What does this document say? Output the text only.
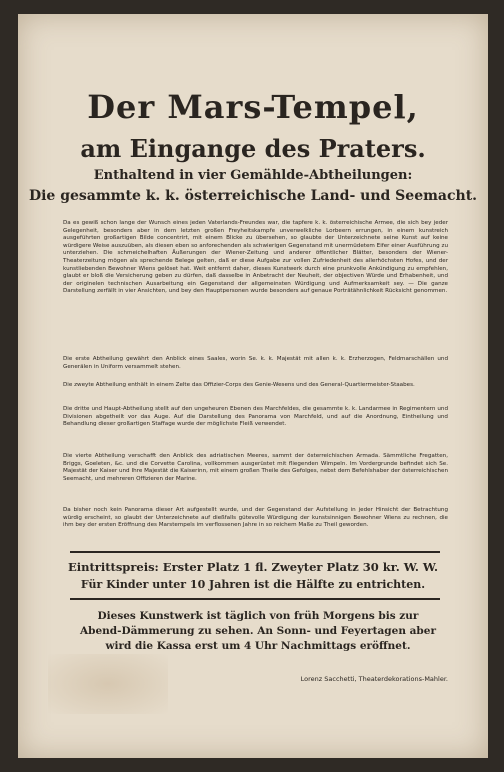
Der Mars-Tempel,
am Eingange des Praters.
Enthaltend in vier Gemählde-Abtheilungen:
Die gesammte k. k. österreichische Land- und Seemacht.
Da es gewiß schon lange der Wunsch eines jeden Vaterlands-Freundes war, die tapfere k. k. österreichische Armee, die sich bey jeder Gelegenheit, besonders aber in dem letzten großen Freyheitskampfe unverwelkliche Lorbeern errungen, in einem kunstreich ausgeführten großartigen Bilde concentrirt, mit einem Blicke zu übersehen, so glaubte der Unterzeichnete seine Kunst auf keine würdigere Weise auszuüben, als diesen eben so anforechenden als schwierigen Gegenstand mit unermüdetem Eifer einer Ausführung zu unterziehen. Die schmeichelhaften Äußerungen der Wiener-Zeitung und anderer öffentlicher Blätter, besonders der Wiener-Theaterzeitung mögen als sprechende Belege gelten, daß er diese Aufgabe zur vollen Zufriedenheit des allerhöchsten Hofes, und der kunstliebenden Bewohner Wiens gelöset hat. Weit entfernt daher, dieses Kunstwerk durch eine prunkvolle Ankündigung zu empfehlen, glaubt er bloß die Versicherung geben zu dürfen, daß dasselbe in Anbetracht der Neuheit, der objectiven Würde und Erhabenheit, und der originelen technischen Ausarbeitung ein Gegenstand der allgemeinsten Würdigung und Aufmerksamkeit sey. — Die ganze Darstellung zerfällt in vier Ansichten, und bey den Hauptpersonen wurde besonders auf genaue Porträtähnlichkeit Rücksicht genommen.
Die erste Abtheilung gewährt den Anblick eines Saales, worin Se. k. k. Majestät mit allen k. k. Erzherzogen, Feldmarschällen und Generälen in Uniform versammelt stehen.
Die zweyte Abtheilung enthält in einem Zelte das Offizier-Corps des Genie-Wesens und des General-Quartiermeister-Staabes.
Die dritte und Haupt-Abtheilung stellt auf den ungeheuren Ebenen des Marchfeldes, die gesammte k. k. Landarmee in Regimentern und Divisionen abgetheilt vor das Auge. Auf die Darstellung des Panorama von Marchfeld, und auf die Anordnung, Eintheilung und Behandlung dieser großartigen Staffage wurde der möglichste Fleiß verwendet.
Die vierte Abtheilung verschafft den Anblick des adriatischen Meeres, sammt der österreichischen Armada. Sämmtliche Fregatten, Briggs, Goeleten, &c. und die Corvette Carolina, vollkommen ausgerüstet mit fliegenden Wimpeln. Im Vordergrunde befindet sich Se. Majestät der Kaiser und Ihre Majestät die Kaiserinn, mit einem großen Theile des Gefolges, nebst dem Befehlshaber der österreichischen Seemacht, und mehreren Offizieren der Marine.
Da bisher noch kein Panorama dieser Art aufgestellt wurde, und der Gegenstand der Aufstellung in jeder Hinsicht der Betrachtung würdig erscheint, so glaubt der Unterzeichnete auf dießfalls gütevolle Würdigung der kunstsinnigen Bewohner Wiens zu rechnen, die ihm bey der ersten Eröffnung des Marstempels im verflossenen Jahre in so reichem Maße zu Theil geworden.
Eintrittspreis: Erster Platz 1 fl. Zweyter Platz 30 kr. W. W.
Für Kinder unter 10 Jahren ist die Hälfte zu entrichten.
Dieses Kunstwerk ist täglich von früh Morgens bis zur Abend-Dämmerung zu sehen. An Sonn- und Feyertagen aber wird die Kassa erst um 4 Uhr Nachmittags eröffnet.
Lorenz Sacchetti, Theaterdekorations-Mahler.
